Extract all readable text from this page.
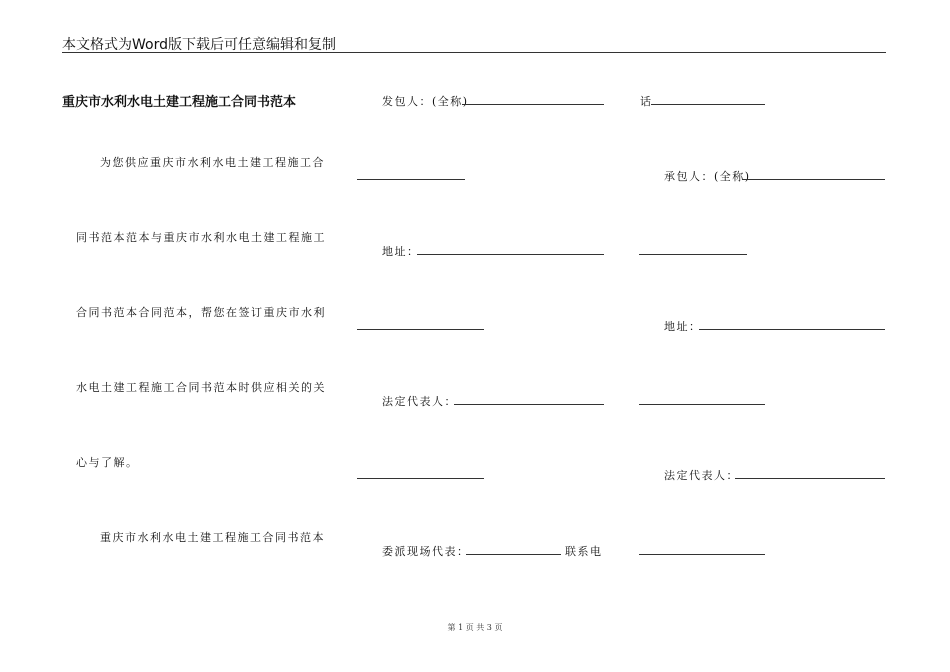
本文格式为Word版下载后可任意编辑和复制
重庆市水利水电土建工程施工合同书范本
为您供应重庆市水利水电土建工程施工合
同书范本范本与重庆市水利水电土建工程施工
合同书范本合同范本，帮您在签订重庆市水利
水电土建工程施工合同书范本时供应相关的关
心与了解。
重庆市水利水电土建工程施工合同书范本
发包人：(全称)
地址：
法定代表人：
委派现场代表：	联系电
话
承包人：(全称)
地址：
法定代表人：
第 1 页 共 3 页
